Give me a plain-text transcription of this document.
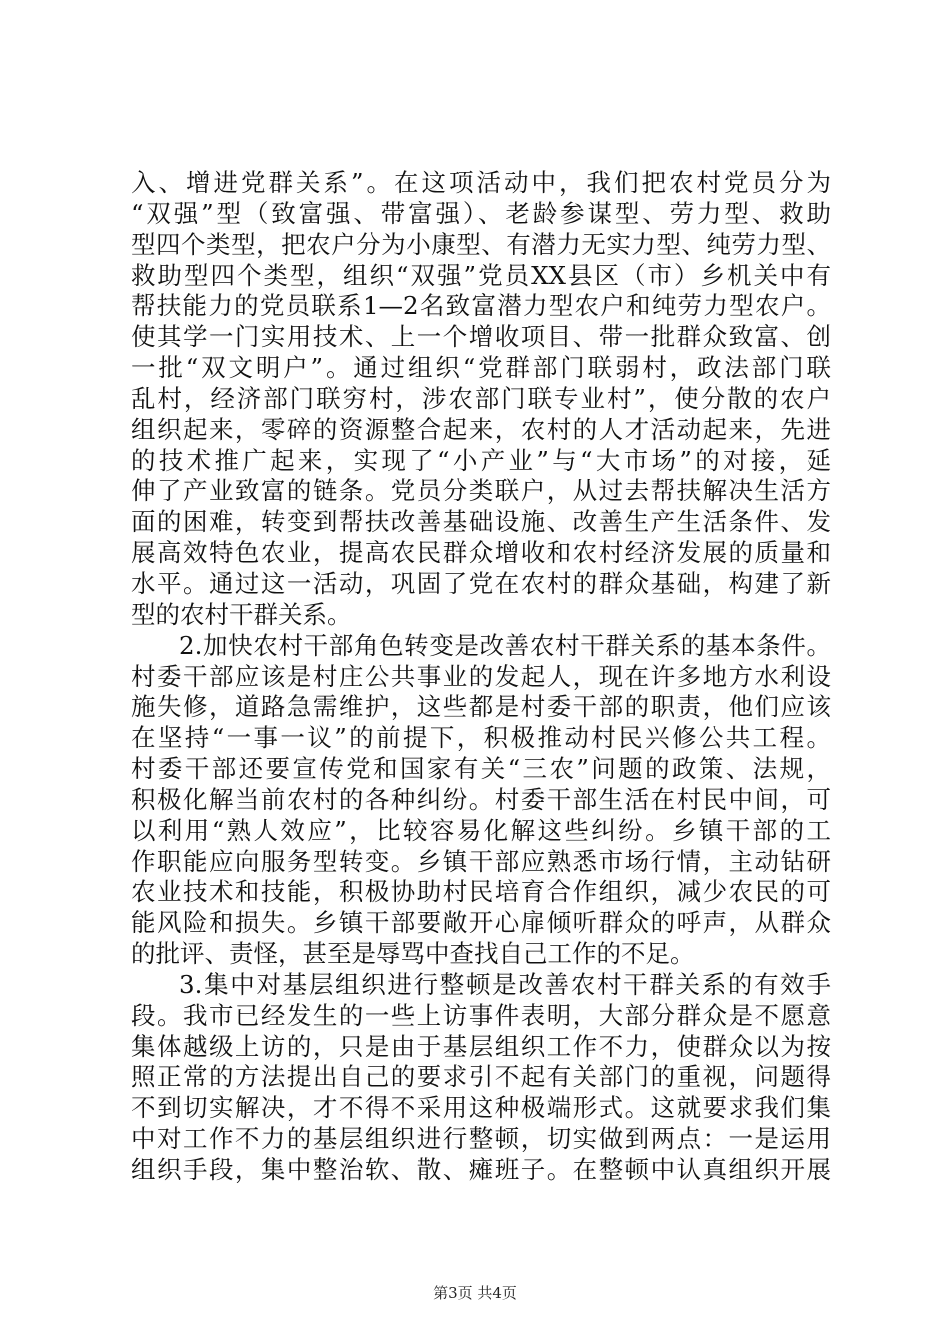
入、增进党群关系”。在这项活动中，我们把农村党员分为
“双强”型（致富强、带富强）、老龄参谋型、劳力型、救助
型四个类型，把农户分为小康型、有潜力无实力型、纯劳力型、
救助型四个类型，组织“双强”党员XX县区（市）乡机关中有
帮扶能力的党员联系1—2名致富潜力型农户和纯劳力型农户。
使其学一门实用技术、上一个增收项目、带一批群众致富、创
一批“双文明户”。通过组织“党群部门联弱村，政法部门联
乱村，经济部门联穷村，涉农部门联专业村”，使分散的农户
组织起来，零碎的资源整合起来，农村的人才活动起来，先进
的技术推广起来，实现了“小产业”与“大市场”的对接，延
伸了产业致富的链条。党员分类联户，从过去帮扶解决生活方
面的困难，转变到帮扶改善基础设施、改善生产生活条件、发
展高效特色农业，提高农民群众增收和农村经济发展的质量和
水平。通过这一活动，巩固了党在农村的群众基础，构建了新
型的农村干群关系。
2.加快农村干部角色转变是改善农村干群关系的基本条件。
村委干部应该是村庄公共事业的发起人，现在许多地方水利设
施失修，道路急需维护，这些都是村委干部的职责，他们应该
在坚持“一事一议”的前提下，积极推动村民兴修公共工程。
村委干部还要宣传党和国家有关“三农”问题的政策、法规，
积极化解当前农村的各种纠纷。村委干部生活在村民中间，可
以利用“熟人效应”，比较容易化解这些纠纷。乡镇干部的工
作职能应向服务型转变。乡镇干部应熟悉市场行情，主动钻研
农业技术和技能，积极协助村民培育合作组织，减少农民的可
能风险和损失。乡镇干部要敞开心扉倾听群众的呼声，从群众
的批评、责怪，甚至是辱骂中查找自己工作的不足。
3.集中对基层组织进行整顿是改善农村干群关系的有效手
段。我市已经发生的一些上访事件表明，大部分群众是不愿意
集体越级上访的，只是由于基层组织工作不力，使群众以为按
照正常的方法提出自己的要求引不起有关部门的重视，问题得
不到切实解决，才不得不采用这种极端形式。这就要求我们集
中对工作不力的基层组织进行整顿，切实做到两点：一是运用
组织手段，集中整治软、散、瘫班子。在整顿中认真组织开展
第3页 共4页
